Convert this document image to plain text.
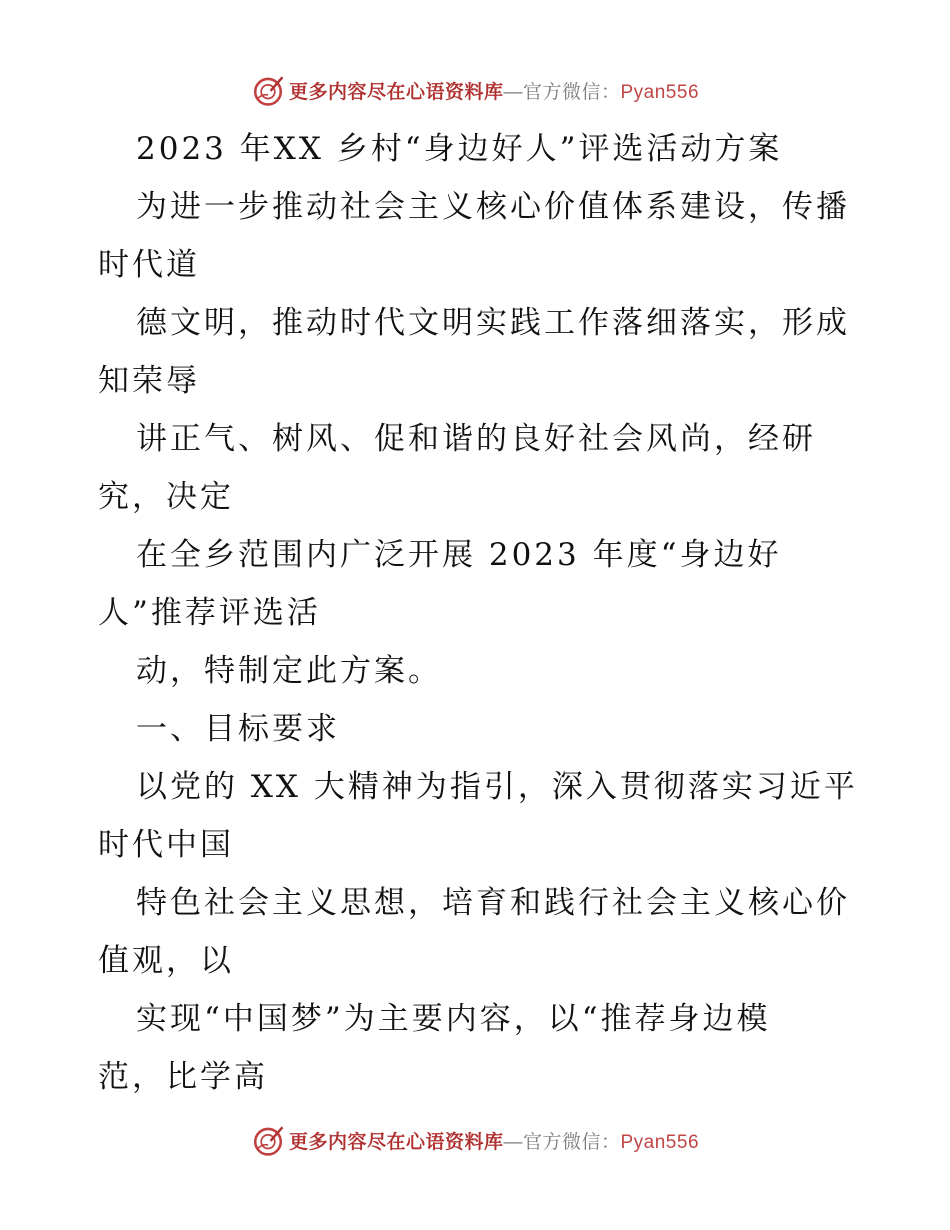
更多内容尽在心语资料库—官方微信：Pyan556
2023 年XX 乡村“身边好人”评选活动方案
为进一步推动社会主义核心价值体系建设，传播
时代道
德文明，推动时代文明实践工作落细落实，形成
知荣辱
讲正气、树风、促和谐的良好社会风尚，经研
究，决定
在全乡范围内广泛开展 2023 年度“身边好
人”推荐评选活
动，特制定此方案。
一、目标要求
以党的 XX 大精神为指引，深入贯彻落实习近平
时代中国
特色社会主义思想，培育和践行社会主义核心价
值观，以
实现“中国梦”为主要内容，以“推荐身边模
范，比学高
更多内容尽在心语资料库—官方微信：Pyan556
